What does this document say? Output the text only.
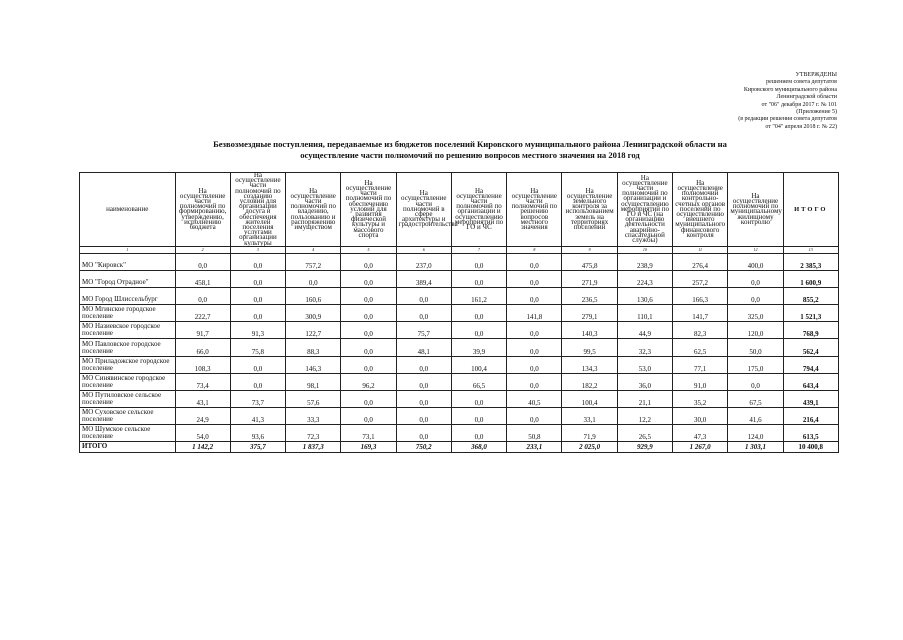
УТВЕРЖДЕНЫ
решением совета депутатов
Кировского муниципального района
Ленинградской области
от "06" декабря 2017 г. № 101
(Приложение 5)
(в редакции решения совета депутатов
от "04" апреля 2018 г. № 22)
Безвозмездные поступления, передаваемые из бюджетов поселений Кировского муниципального района Ленинградской области на осуществление части полномочий по решению вопросов местного значения на 2018 год
наименование	На осуществление части полномочий по формированию, утверждению, исполнению бюджета	На осуществление части полномочий по созданию условий для организации досуга и обеспечения жителей поселения услугами организации культуры	На осуществление части полномочий по владению, пользованию и распоряжению имуществом	На осуществление части полномочий по обеспечению условий для развития физической культуры и массового спорта	На осуществление части полномочий в сфере архитектуры и градостроительства	На осуществление части полномочий по организации и осуществлению мероприятий по ГО и ЧС	На осуществление части полномочий по решению вопросов местного значения	На осуществление земельного контроля за использованием земель на территориях поселений	На осуществление части полномочий по организации и осуществлению мероприятий по ГО и ЧС (на организацию деятельности аварийно-спасательной службы)	На осуществление полномочий контрольно-счетных органов поселений по осуществлению внешнего муниципального финансового контроля	На осуществление полномочий по муниципальному жилищному контролю	ИТОГО
1	2	3	4	5	6	7	8	9	10	11	12	13
МО "Кировск"	0,0	0,0	757,2	0,0	237,0	0,0	0,0	475,8	238,9	276,4	400,0	2 385,3
МО "Город Отрадное"	458,1	0,0	0,0	0,0	389,4	0,0	0,0	271,9	224,3	257,2	0,0	1 600,9
МО Город Шлиссельбург	0,0	0,0	160,6	0,0	0,0	161,2	0,0	236,5	130,6	166,3	0,0	855,2
МО Мгинское городское поселение	222,7	0,0	300,9	0,0	0,0	0,0	141,8	279,1	110,1	141,7	325,0	1 521,3
МО Назиевское городское поселение	91,7	91,3	122,7	0,0	75,7	0,0	0,0	140,3	44,9	82,3	120,0	768,9
МО Павловское городское поселение	66,0	75,8	88,3	0,0	48,1	39,9	0,0	99,5	32,3	62,5	50,0	562,4
МО Приладожское городское поселение	108,3	0,0	146,3	0,0	0,0	100,4	0,0	134,3	53,0	77,1	175,0	794,4
МО Синявинское городское поселение	73,4	0,0	98,1	96,2	0,0	66,5	0,0	182,2	36,0	91,0	0,0	643,4
МО Путиловское сельское поселение	43,1	73,7	57,6	0,0	0,0	0,0	40,5	100,4	21,1	35,2	67,5	439,1
МО Суховское сельское поселение	24,9	41,3	33,3	0,0	0,0	0,0	0,0	33,1	12,2	30,0	41,6	216,4
МО Шумское сельское поселение	54,0	93,6	72,3	73,1	0,0	0,0	50,8	71,9	26,5	47,3	124,0	613,5
ИТОГО	1 142,2	375,7	1 837,3	169,3	750,2	368,0	233,1	2 025,0	929,9	1 267,0	1 303,1	10 400,8
